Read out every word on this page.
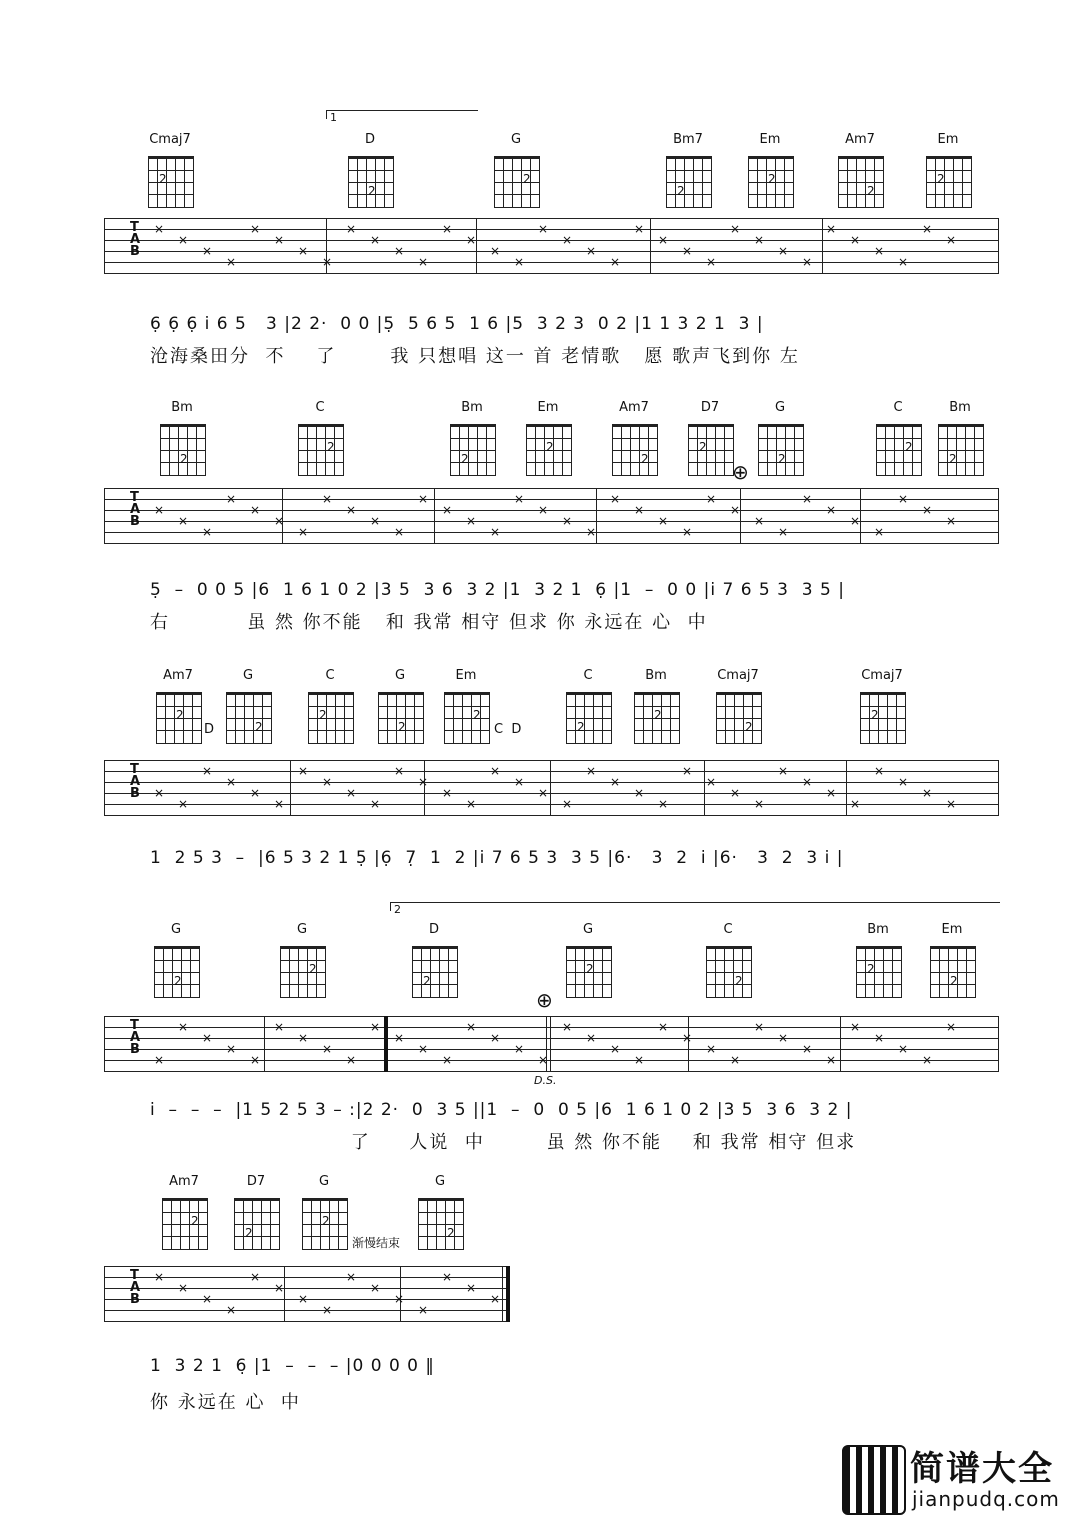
1
Cmaj7
2
D
2
G
2
Bm7
2
Em
2
Am7
2
Em
2
T
A
B
×
×
×
×
×
×
×
×
×
×
×
×
×
×
×
×
×
×
×
×
×
×
×
×
×
×
×
×
×
×
×
×
×
×
6̣ 6̣ 6̣ i 6 5   3 |2 2·  0 0 |5̣  5 6 5  1 6 |5  3 2 3  0 2 |1 1 3 2 1  3 |
沧海桑田分  不    了       我 只想唱 这一 首 老情歌   愿 歌声飞到你 左
Bm
2
C
2
Bm
2
Em
2
Am7
2
D7
2
G
2
C
2
Bm
2
⊕
T
A
B
×
×
×
×
×
×
×
×
×
×
×
×
×
×
×
×
×
×
×
×
×
×
×
×
×
×
×
×
×
×
×
×
×
×
5̣  –  0 0 5 |6  1 6 1 0 2 |3 5  3 6  3 2 |1  3 2 1  6̣ |1  –  0 0 |i 7 6 5 3  3 5 |
右          虽 然 你不能   和 我常 相守 但求 你 永远在 心  中
Am7
2
D
G
2
C
2
G
2
Em
2
C  D
C
2
Bm
2
Cmaj7
2
Cmaj7
2
T
A
B ×
×
×
×
×
×
×
×
×
×
×
×
×
×
×
×
×
×
×
×
×
×
×
×
×
×
×
×
×
×
×
×
×
×
1  2 5 3  –  |6 5 3 2 1 5̣ |6̣  7̣  1  2 |i 7 6 5 3  3 5 |6·   3  2  i |6·   3  2  3 i |
2
G
2
G
2
D
2
G
2
C
2
Bm
2
Em
2
⊕
T
A
B
×
×
×
×
×
×
×
×
×
×
×
×
×
×
×
×
×
×
×
×
×
×
×
×
×
×
×
×
×
×
×
×
×
×
D.S.
i  –  –  –  |1 5 2 5 3 – :|2 2·  0  3 5 ||1  –  0  0 5 |6  1 6 1 0 2 |3 5  3 6  3 2 |
了     人说  中        虽 然 你不能    和 我常 相守 但求
Am7
2
D7
2
G
2
渐慢结束
G
2
T
A
B
×
×
×
×
×
×
×
×
×
×
×
×
×
×
×
1  3 2 1  6̣ |1  –  –  – |0 0 0 0 ‖
你 永远在 心  中
简谱大全
jianpudq.com
